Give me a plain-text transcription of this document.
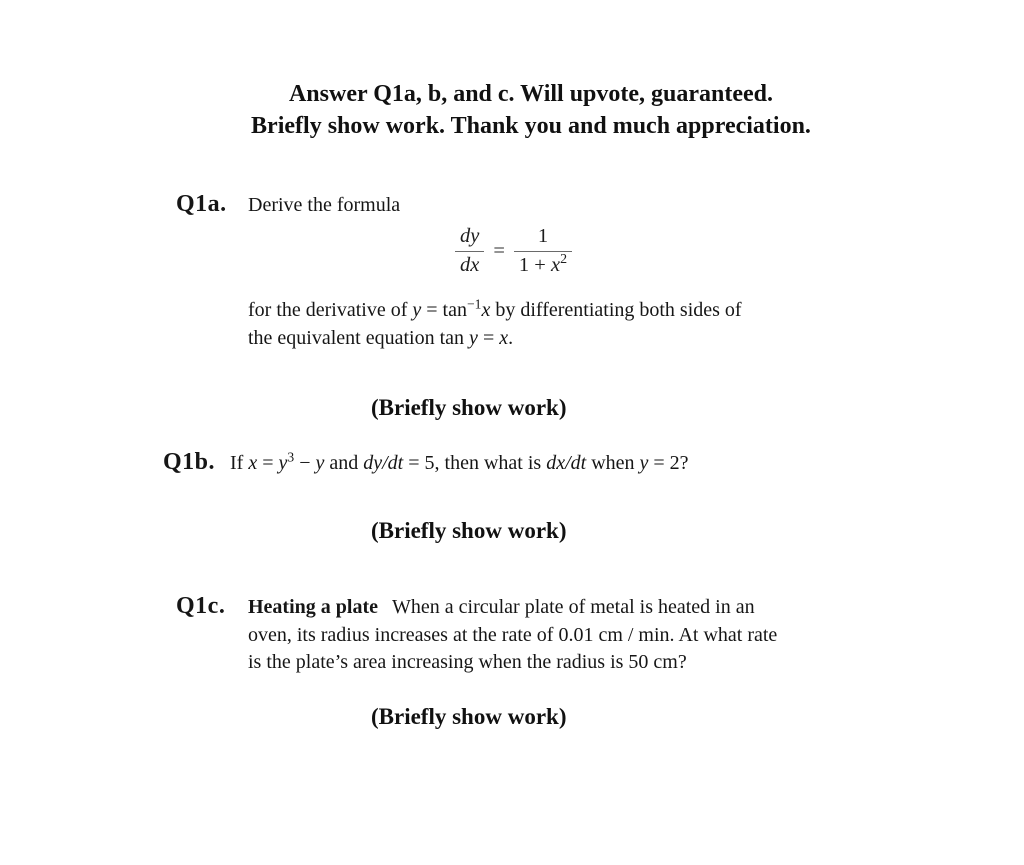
Answer Q1a, b, and c. Will upvote, guaranteed.
Briefly show work. Thank you and much appreciation.
Q1a.	Derive the formula
$\frac{dy}{dx} = \frac{1}{1 + x^2}$
for the derivative of $y = \tan^{-1}x$ by differentiating both sides of
the equivalent equation tan y = x.
(Briefly show work)
Q1b. If $x = y^3 - y$ and dy/dt = 5, then what is dx/dt when y = 2?
(Briefly show work)
Q1c.	Heating a plate When a circular plate of metal is heated in an
oven, its radius increases at the rate of 0.01 cm / min. At what rate
is the plate’s area increasing when the radius is 50 cm?
(Briefly show work)
